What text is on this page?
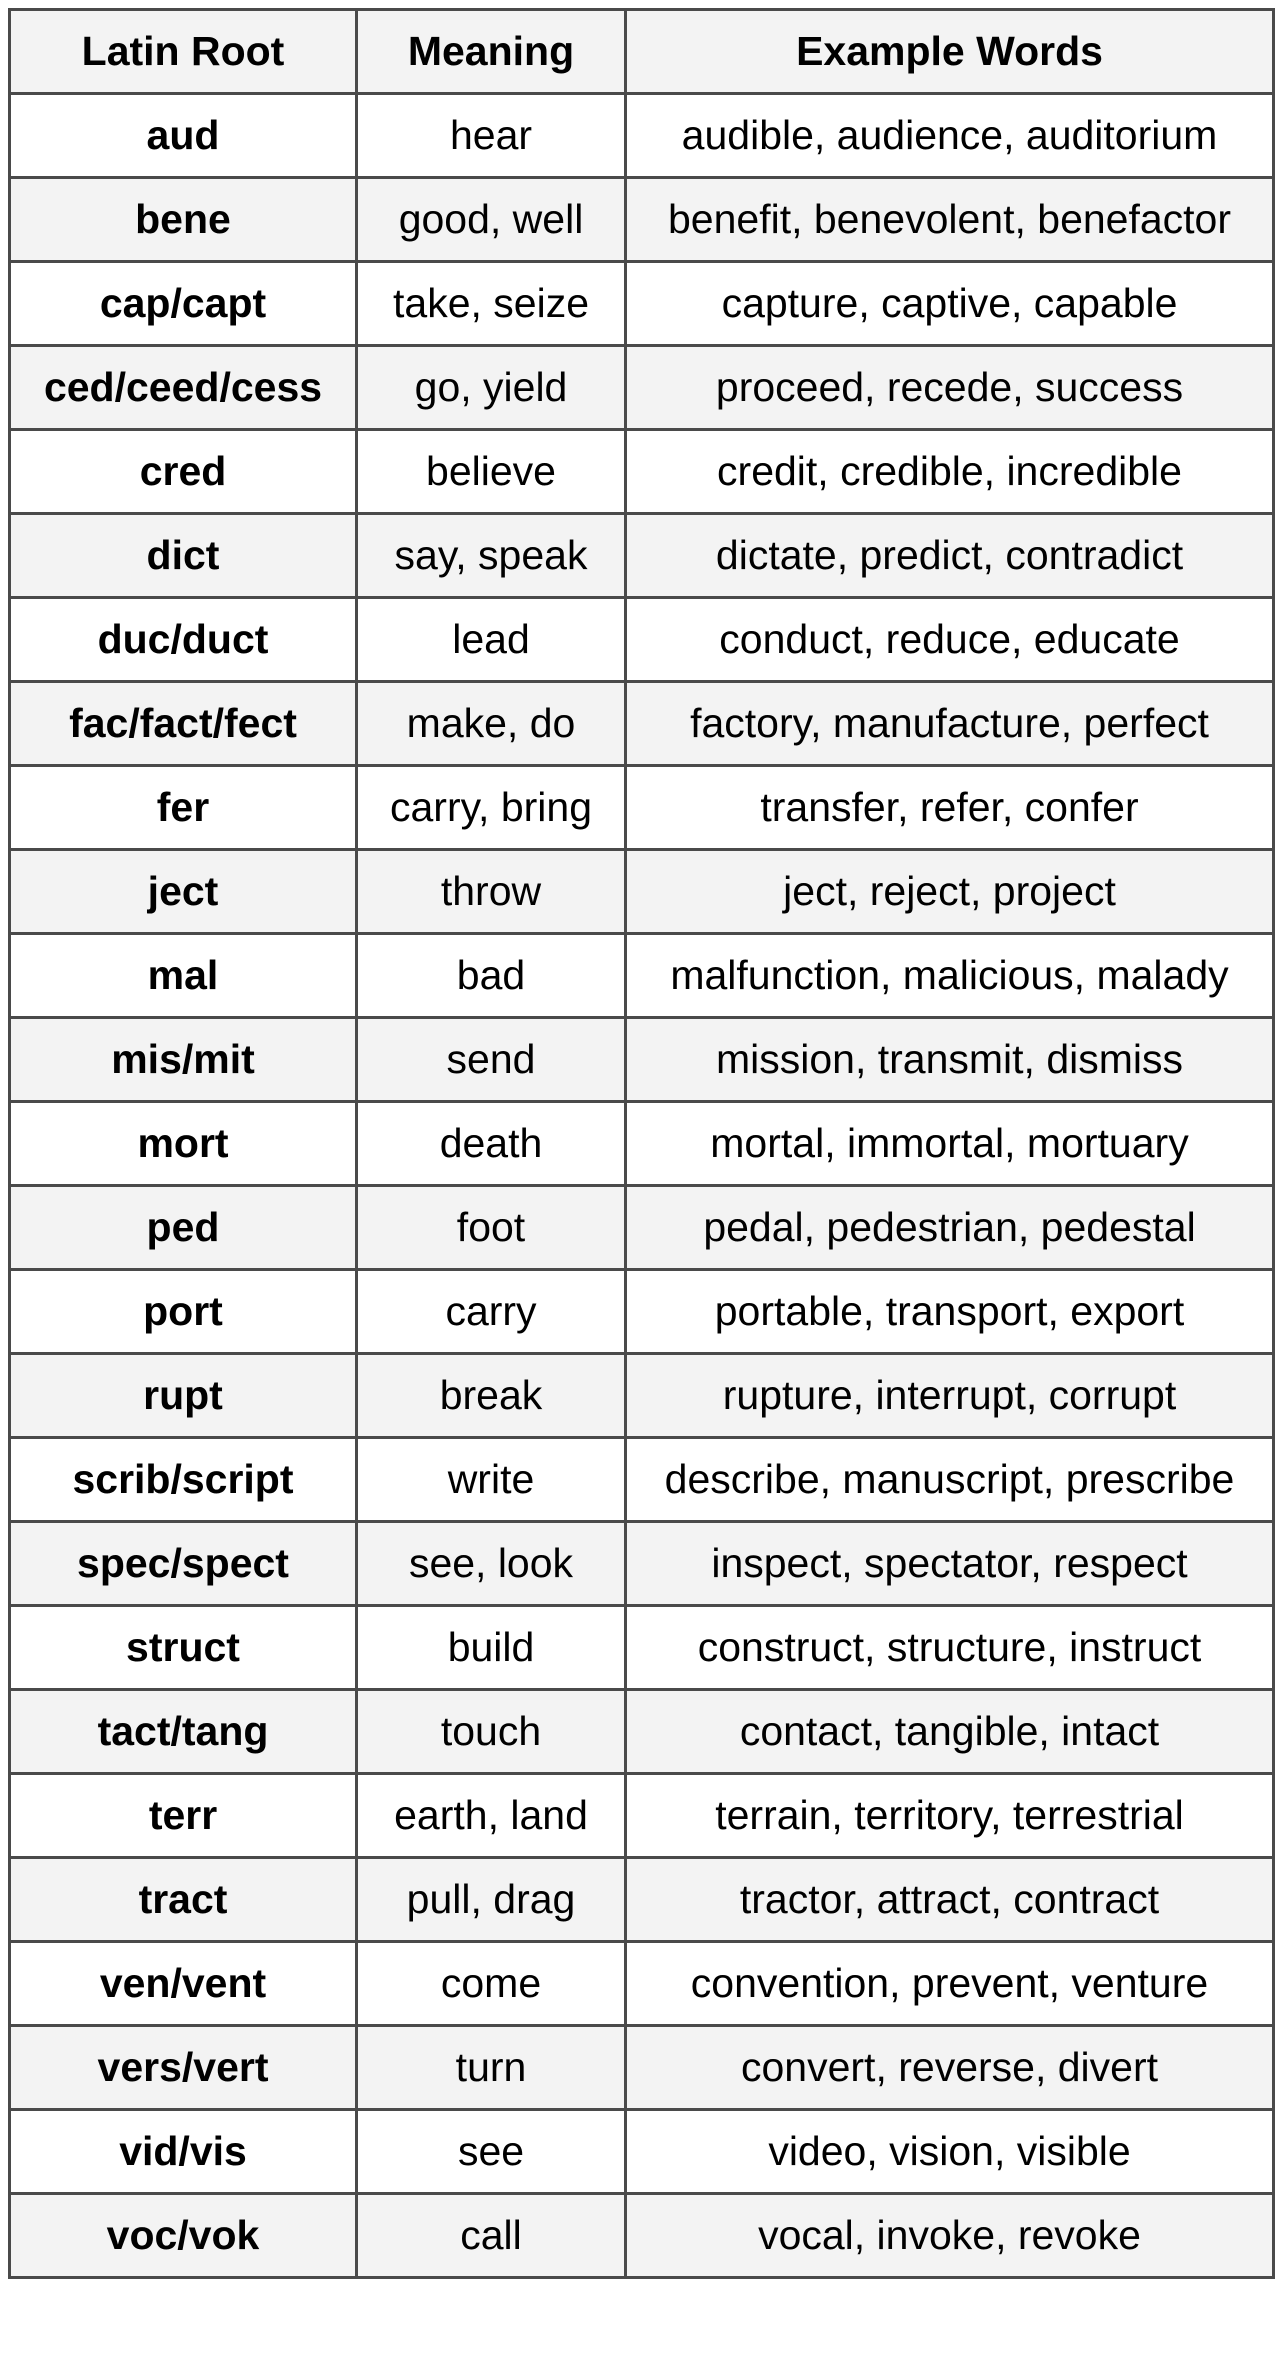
Latin Root	Meaning	Example Words
aud	hear	audible, audience, auditorium
bene	good, well	benefit, benevolent, benefactor
cap/capt	take, seize	capture, captive, capable
ced/ceed/cess	go, yield	proceed, recede, success
cred	believe	credit, credible, incredible
dict	say, speak	dictate, predict, contradict
duc/duct	lead	conduct, reduce, educate
fac/fact/fect	make, do	factory, manufacture, perfect
fer	carry, bring	transfer, refer, confer
ject	throw	ject, reject, project
mal	bad	malfunction, malicious, malady
mis/mit	send	mission, transmit, dismiss
mort	death	mortal, immortal, mortuary
ped	foot	pedal, pedestrian, pedestal
port	carry	portable, transport, export
rupt	break	rupture, interrupt, corrupt
scrib/script	write	describe, manuscript, prescribe
spec/spect	see, look	inspect, spectator, respect
struct	build	construct, structure, instruct
tact/tang	touch	contact, tangible, intact
terr	earth, land	terrain, territory, terrestrial
tract	pull, drag	tractor, attract, contract
ven/vent	come	convention, prevent, venture
vers/vert	turn	convert, reverse, divert
vid/vis	see	video, vision, visible
voc/vok	call	vocal, invoke, revoke
